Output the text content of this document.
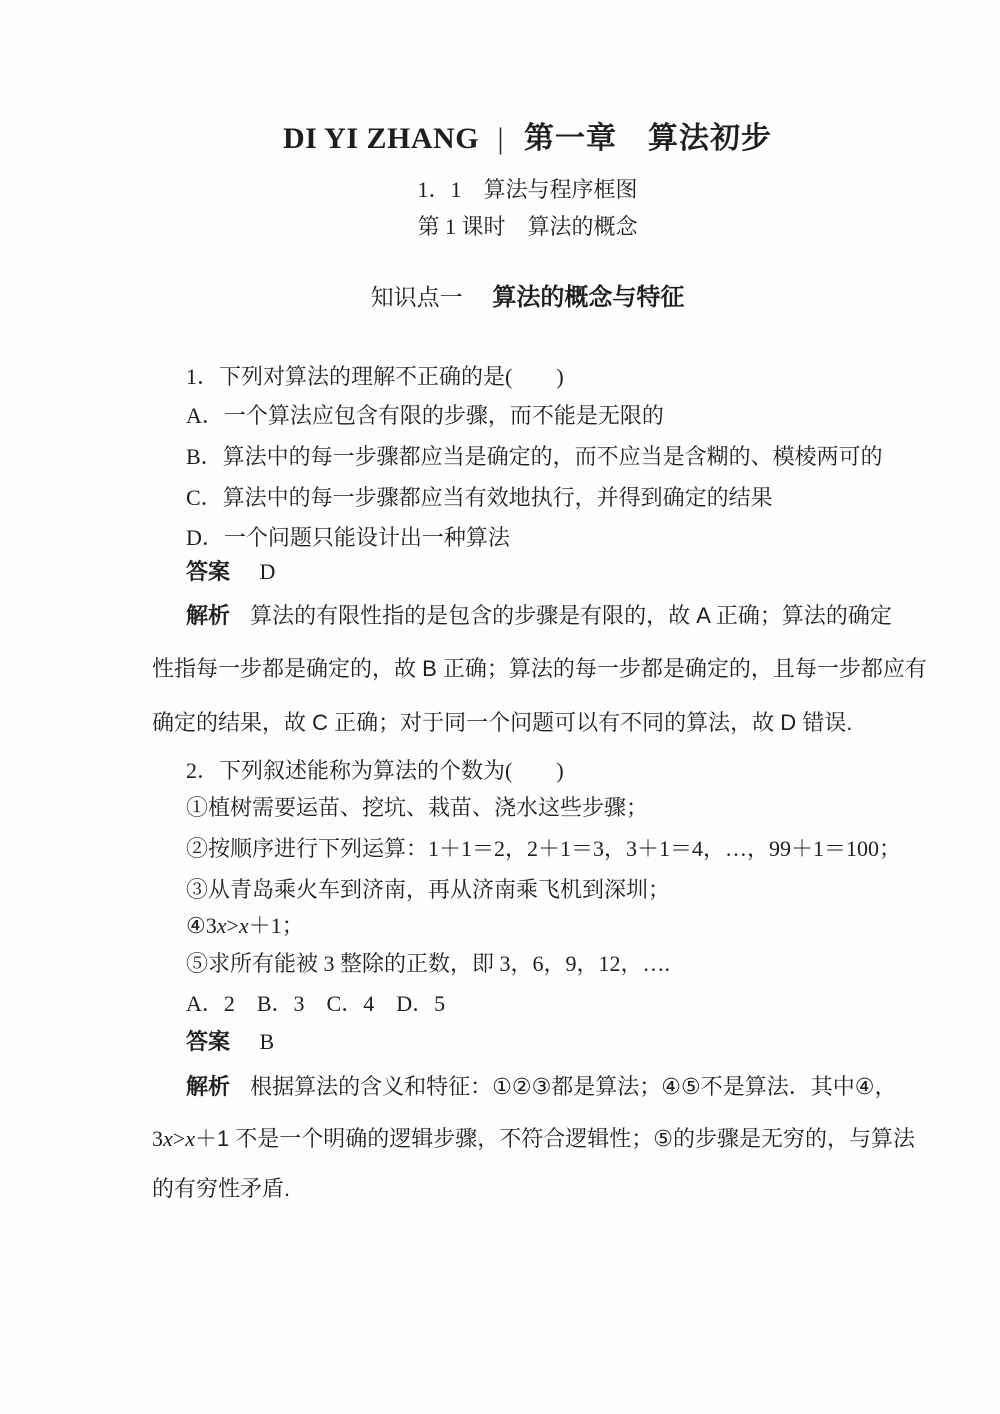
DI YI ZHANG | 第一章　算法初步
1．1　算法与程序框图
第 1 课时　算法的概念
知识点一 算法的概念与特征
1．下列对算法的理解不正确的是(　　)
A．一个算法应包含有限的步骤，而不能是无限的
B．算法中的每一步骤都应当是确定的，而不应当是含糊的、模棱两可的
C．算法中的每一步骤都应当有效地执行，并得到确定的结果
D．一个问题只能设计出一种算法
答案 D
解析 算法的有限性指的是包含的步骤是有限的，故 A 正确；算法的确定
性指每一步都是确定的，故 B 正确；算法的每一步都是确定的，且每一步都应有
确定的结果，故 C 正确；对于同一个问题可以有不同的算法，故 D 错误.
2．下列叙述能称为算法的个数为(　　)
①植树需要运苗、挖坑、栽苗、浇水这些步骤；
②按顺序进行下列运算：1＋1＝2，2＋1＝3，3＋1＝4，…，99＋1＝100；
③从青岛乘火车到济南，再从济南乘飞机到深圳；
④3x>x＋1；
⑤求所有能被 3 整除的正数，即 3，6，9，12，….
A．2　B．3　C．4　D．5
答案 B
解析 根据算法的含义和特征：①②③都是算法；④⑤不是算法．其中④，
3x>x＋1 不是一个明确的逻辑步骤，不符合逻辑性；⑤的步骤是无穷的，与算法
的有穷性矛盾.
